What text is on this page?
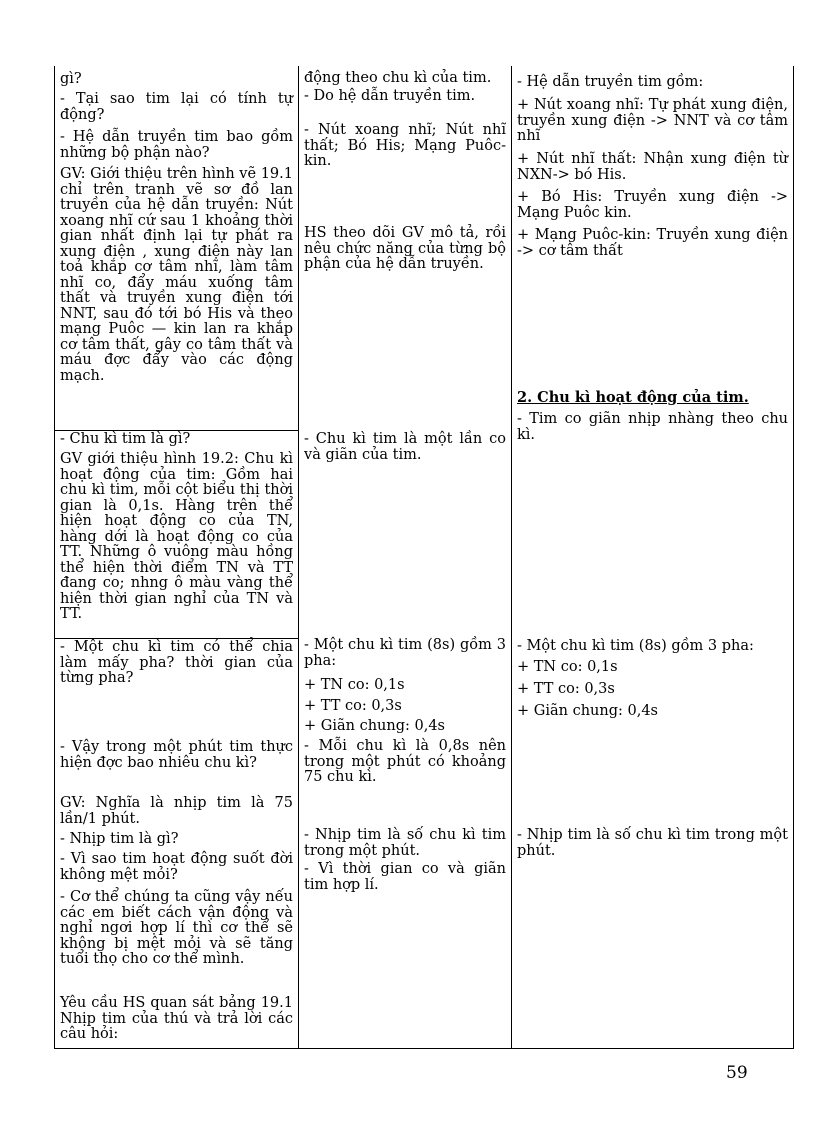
gì?
- Tại sao tim lại có tính tự động?
- Hệ dẫn truyền tim bao gồm những bộ phận nào?
GV: Giới thiệu trên hình vẽ 19.1 chỉ trên tranh vẽ sơ đồ lan truyền của hệ dẫn truyền: Nút xoang nhĩ cứ sau 1 khoảng thời gian nhất định lại tự phát ra xung điện , xung điện này lan toả khắp cơ tâm nhĩ, làm tâm nhĩ co, đẩy máu xuống tâm thất và truyền xung điện tới NNT, sau đó tới bó His và theo mạng Puôc — kin lan ra khắp cơ tâm thất, gây co tâm thất và máu đợc đẩy vào các động mạch.
- Chu kì tim là gì?
GV giới thiệu hình 19.2: Chu kì hoạt động của tim: Gồm hai chu kì tim, mỗi cột biểu thị thời gian là 0,1s. Hàng trên thể hiện hoạt động co của TN, hàng dới là hoạt động co của TT. Những ô vuông màu hồng thể hiện thời điểm TN và TT đang co; nhng ô màu vàng thể hiện thời gian nghỉ của TN và TT.
- Một chu kì tim có thể chia làm mấy pha? thời gian của từng pha?
- Vậy trong một phút tim thực hiện đợc bao nhiêu chu kì?
GV: Nghĩa là nhịp tim là 75 lần/1 phút.
- Nhịp tim là gì?
- Vì sao tim hoạt động suốt đời không mệt mỏi?
- Cơ thể chúng ta cũng vậy nếu các em biết cách vận động và nghỉ ngơi hợp lí thì cơ thể sẽ không bị mệt mỏi và sẽ tăng tuổi thọ cho cơ thể mình.
Yêu cầu HS quan sát bảng 19.1 Nhịp tim của thú và trả lời các câu hỏi:
động theo chu kì của tim.
- Do hệ dẫn truyền tim.
- Nút xoang nhĩ; Nút nhĩ thất; Bó His; Mạng Puôc-kin.
HS theo dõi GV mô tả, rồi nêu chức năng của từng bộ phận của hệ dẫn truyền.
- Chu kì tim là một lần co và giãn của tim.
- Một chu kì tim (8s) gồm 3 pha:
+ TN co: 0,1s
+ TT co: 0,3s
+ Giãn chung: 0,4s
- Mỗi chu kì là 0,8s nên trong một phút có khoảng 75 chu kì.
- Nhịp tim là số chu kì tim trong một phút.
- Vì thời gian co và giãn tim hợp lí.
- Hệ dẫn truyền tim gồm:
+ Nút xoang nhĩ: Tự phát xung điện, truyền xung điện -> NNT và cơ tâm nhĩ
+ Nút nhĩ thất: Nhận xung điện từ NXN-> bó His.
+ Bó His: Truyền xung điện -> Mạng Puôc kin.
+ Mạng Puôc-kin: Truyền xung điện -> cơ tâm thất
2. Chu kì hoạt động của tim.
- Tim co giãn nhịp nhàng theo chu kì.
- Một chu kì tim (8s) gồm 3 pha:
+ TN co: 0,1s
+ TT co: 0,3s
+ Giãn chung: 0,4s
- Nhịp tim là số chu kì tim trong một phút.
59
